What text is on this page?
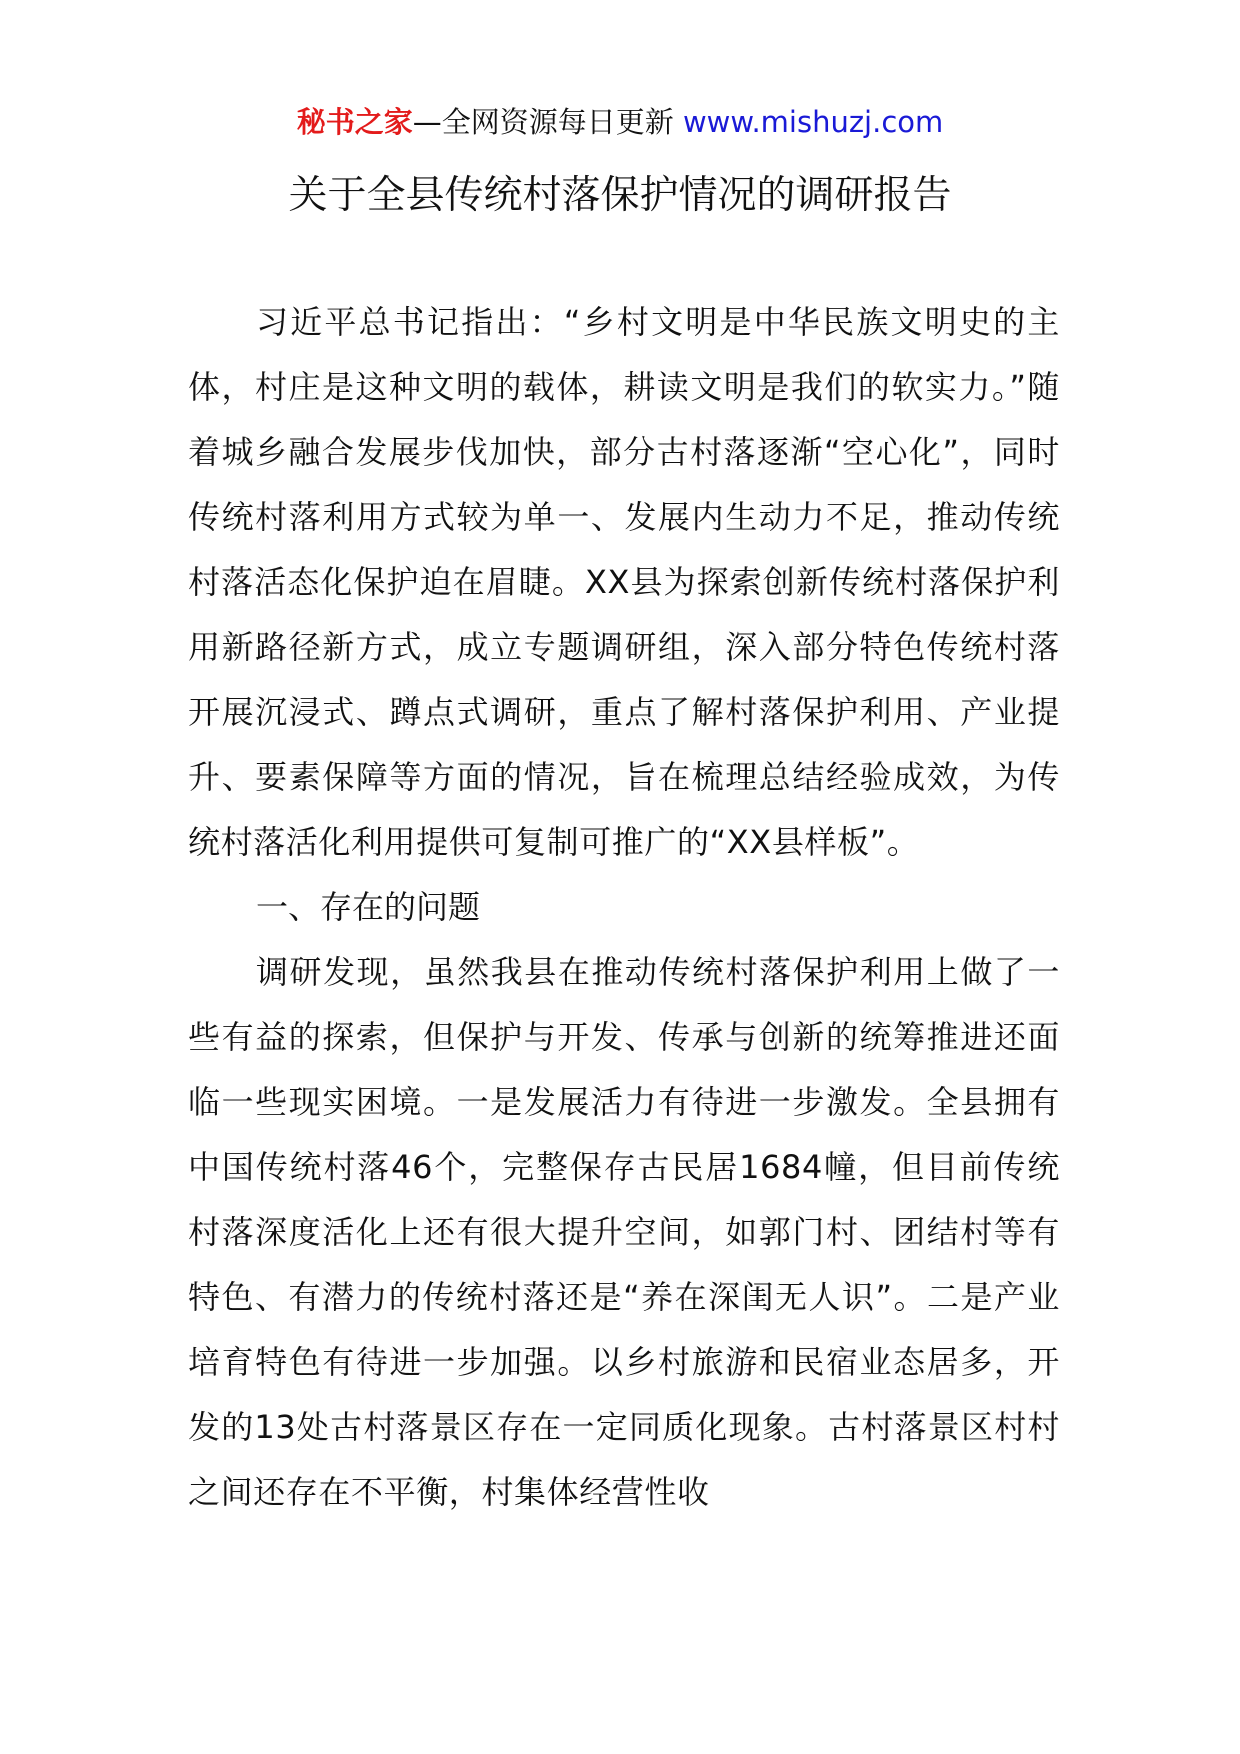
秘书之家—全网资源每日更新 www.mishuzj.com
关于全县传统村落保护情况的调研报告

习近平总书记指出：“乡村文明是中华民族文明史的主体，村庄是这种文明的载体，耕读文明是我们的软实力。”随着城乡融合发展步伐加快，部分古村落逐渐“空心化”，同时传统村落利用方式较为单一、发展内生动力不足，推动传统村落活态化保护迫在眉睫。XX县为探索创新传统村落保护利用新路径新方式，成立专题调研组，深入部分特色传统村落开展沉浸式、蹲点式调研，重点了解村落保护利用、产业提升、要素保障等方面的情况，旨在梳理总结经验成效，为传统村落活化利用提供可复制可推广的“XX县样板”。

一、存在的问题

调研发现，虽然我县在推动传统村落保护利用上做了一些有益的探索，但保护与开发、传承与创新的统筹推进还面临一些现实困境。一是发展活力有待进一步激发。全县拥有中国传统村落46个，完整保存古民居1684幢，但目前传统村落深度活化上还有很大提升空间，如郭门村、团结村等有特色、有潜力的传统村落还是“养在深闺无人识”。二是产业培育特色有待进一步加强。以乡村旅游和民宿业态居多，开发的13处古村落景区存在一定同质化现象。古村落景区村村之间还存在不平衡，村集体经营性收
